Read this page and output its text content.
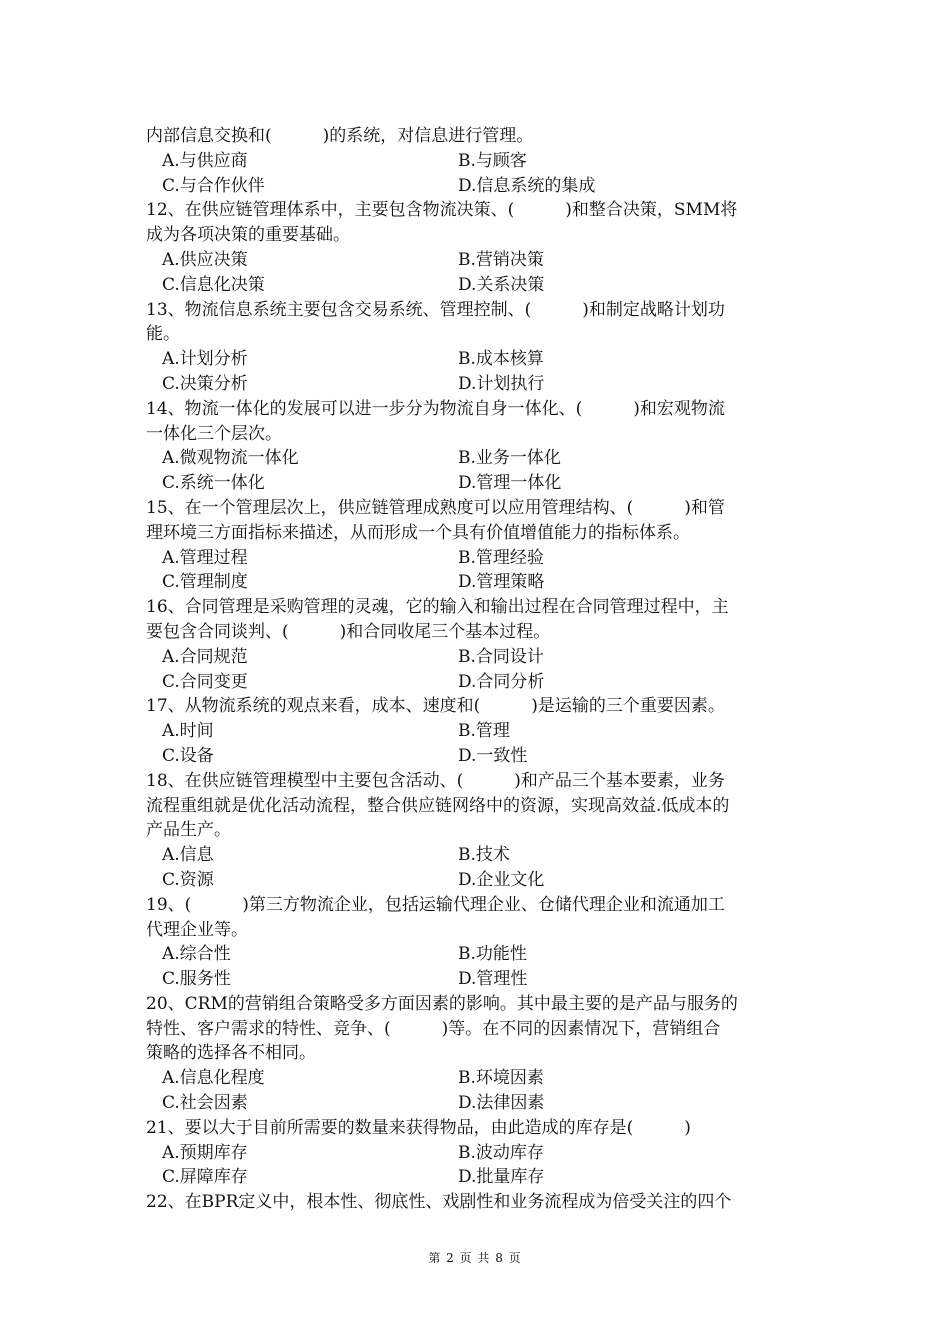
内部信息交换和(　　　)的系统，对信息进行管理。
A.与供应商	B.与顾客
C.与合作伙伴	D.信息系统的集成
12、在供应链管理体系中，主要包含物流决策、(　　　)和整合决策，SMM将
成为各项决策的重要基础。
A.供应决策	B.营销决策
C.信息化决策	D.关系决策
13、物流信息系统主要包含交易系统、管理控制、(　　　)和制定战略计划功
能。
A.计划分析	B.成本核算
C.决策分析	D.计划执行
14、物流一体化的发展可以进一步分为物流自身一体化、(　　　)和宏观物流
一体化三个层次。
A.微观物流一体化	B.业务一体化
C.系统一体化	D.管理一体化
15、在一个管理层次上，供应链管理成熟度可以应用管理结构、(　　　)和管
理环境三方面指标来描述，从而形成一个具有价值增值能力的指标体系。
A.管理过程	B.管理经验
C.管理制度	D.管理策略
16、合同管理是采购管理的灵魂，它的输入和输出过程在合同管理过程中，主
要包含合同谈判、(　　　)和合同收尾三个基本过程。
A.合同规范	B.合同设计
C.合同变更	D.合同分析
17、从物流系统的观点来看，成本、速度和(　　　)是运输的三个重要因素。
A.时间	B.管理
C.设备	D.一致性
18、在供应链管理模型中主要包含活动、(　　　)和产品三个基本要素，业务
流程重组就是优化活动流程，整合供应链网络中的资源，实现高效益.低成本的
产品生产。
A.信息	B.技术
C.资源	D.企业文化
19、(　　　)第三方物流企业，包括运输代理企业、仓储代理企业和流通加工
代理企业等。
A.综合性	B.功能性
C.服务性	D.管理性
20、CRM的营销组合策略受多方面因素的影响。其中最主要的是产品与服务的
特性、客户需求的特性、竞争、(　　　)等。在不同的因素情况下，营销组合
策略的选择各不相同。
A.信息化程度	B.环境因素
C.社会因素	D.法律因素
21、要以大于目前所需要的数量来获得物品，由此造成的库存是(　　　)
A.预期库存	B.波动库存
C.屏障库存	D.批量库存
22、在BPR定义中，根本性、彻底性、戏剧性和业务流程成为倍受关注的四个
第 2 页 共 8 页
